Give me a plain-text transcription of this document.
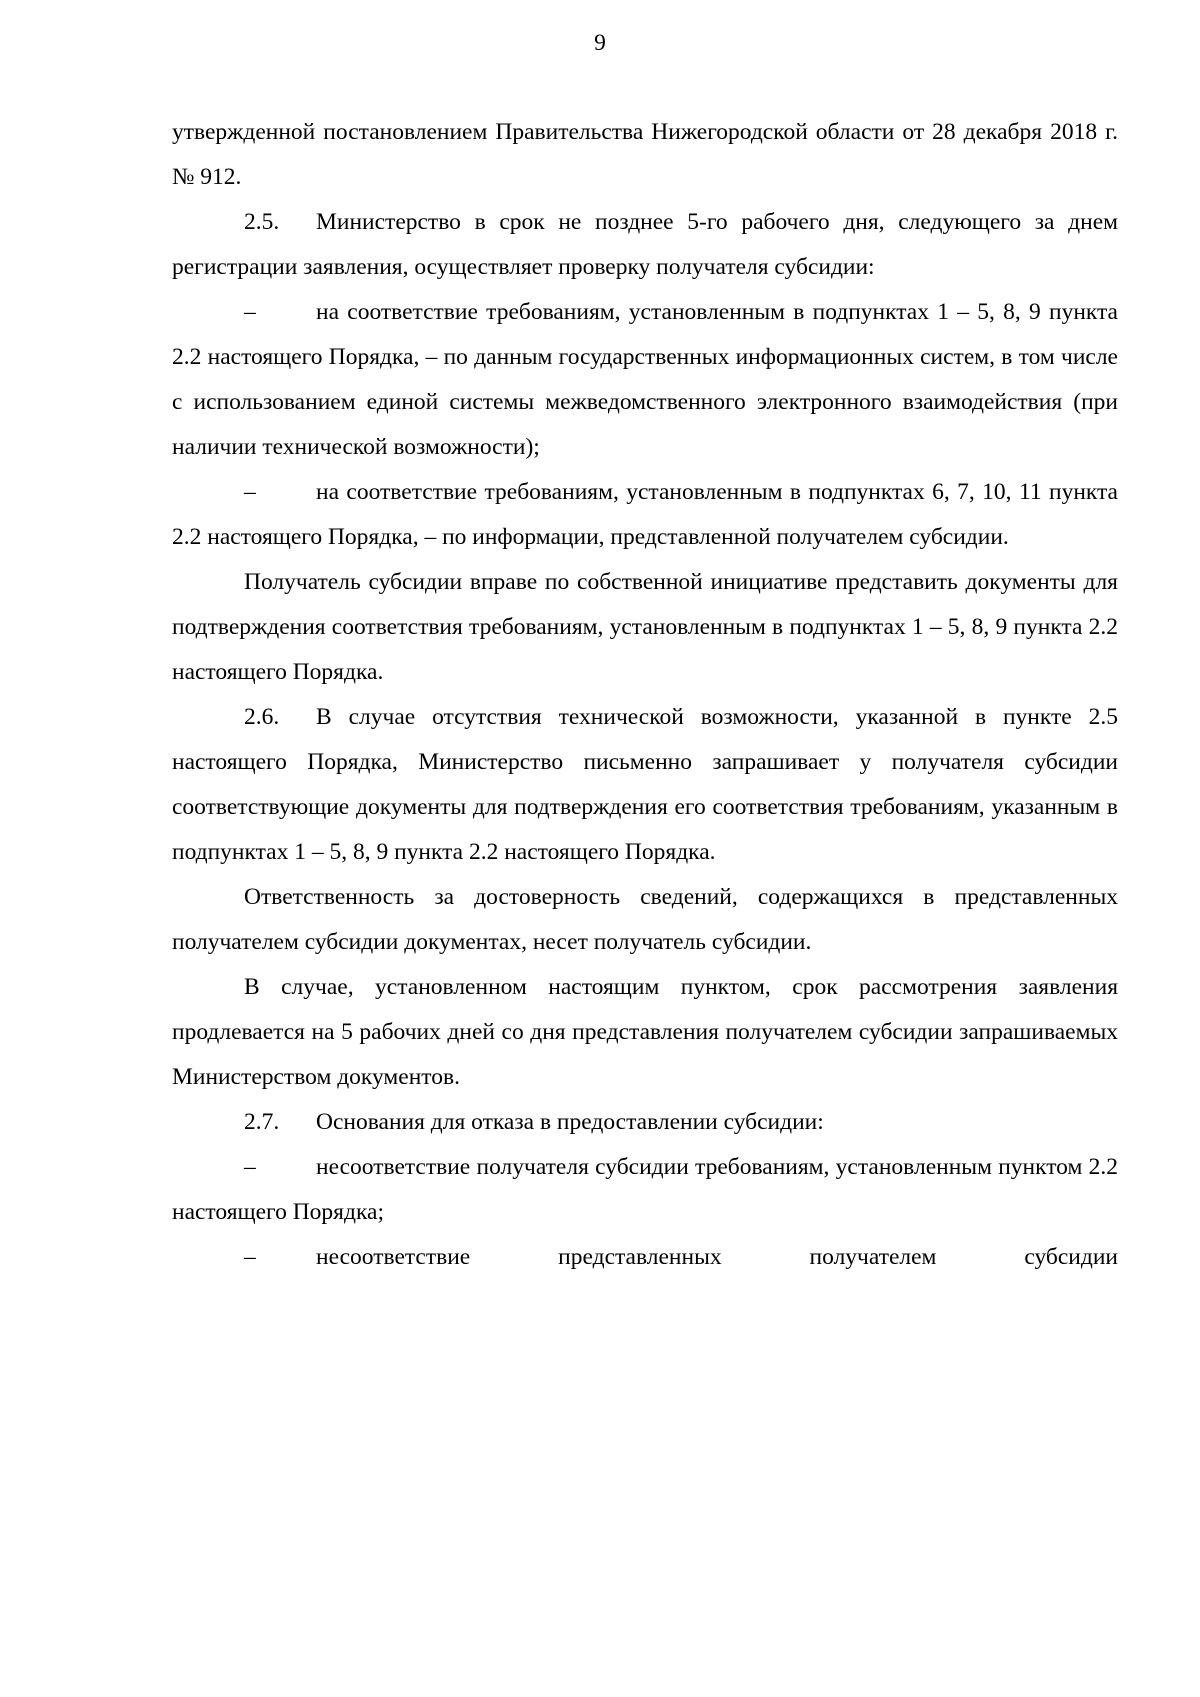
9

утвержденной постановлением Правительства Нижегородской области от 28 декабря 2018 г. № 912.

2.5. Министерство в срок не позднее 5-го рабочего дня, следующего за днем регистрации заявления, осуществляет проверку получателя субсидии:

–	на соответствие требованиям, установленным в подпунктах 1 – 5, 8, 9 пункта 2.2 настоящего Порядка, – по данным государственных информационных систем, в том числе с использованием единой системы межведомственного электронного взаимодействия (при наличии технической возможности);

–	на соответствие требованиям, установленным в подпунктах 6, 7, 10, 11 пункта 2.2 настоящего Порядка, – по информации, представленной получателем субсидии.

Получатель субсидии вправе по собственной инициативе представить документы для подтверждения соответствия требованиям, установленным в подпунктах 1 – 5, 8, 9 пункта 2.2 настоящего Порядка.

2.6. В случае отсутствия технической возможности, указанной в пункте 2.5 настоящего Порядка, Министерство письменно запрашивает у получателя субсидии соответствующие документы для подтверждения его соответствия требованиям, указанным в подпунктах 1 – 5, 8, 9 пункта 2.2 настоящего Порядка.

Ответственность за достоверность сведений, содержащихся в представленных получателем субсидии документах, несет получатель субсидии.

В случае, установленном настоящим пунктом, срок рассмотрения заявления продлевается на 5 рабочих дней со дня представления получателем субсидии запрашиваемых Министерством документов.

2.7. Основания для отказа в предоставлении субсидии:

–	несоответствие получателя субсидии требованиям, установленным пунктом 2.2 настоящего Порядка;

–	несоответствие представленных получателем субсидии
